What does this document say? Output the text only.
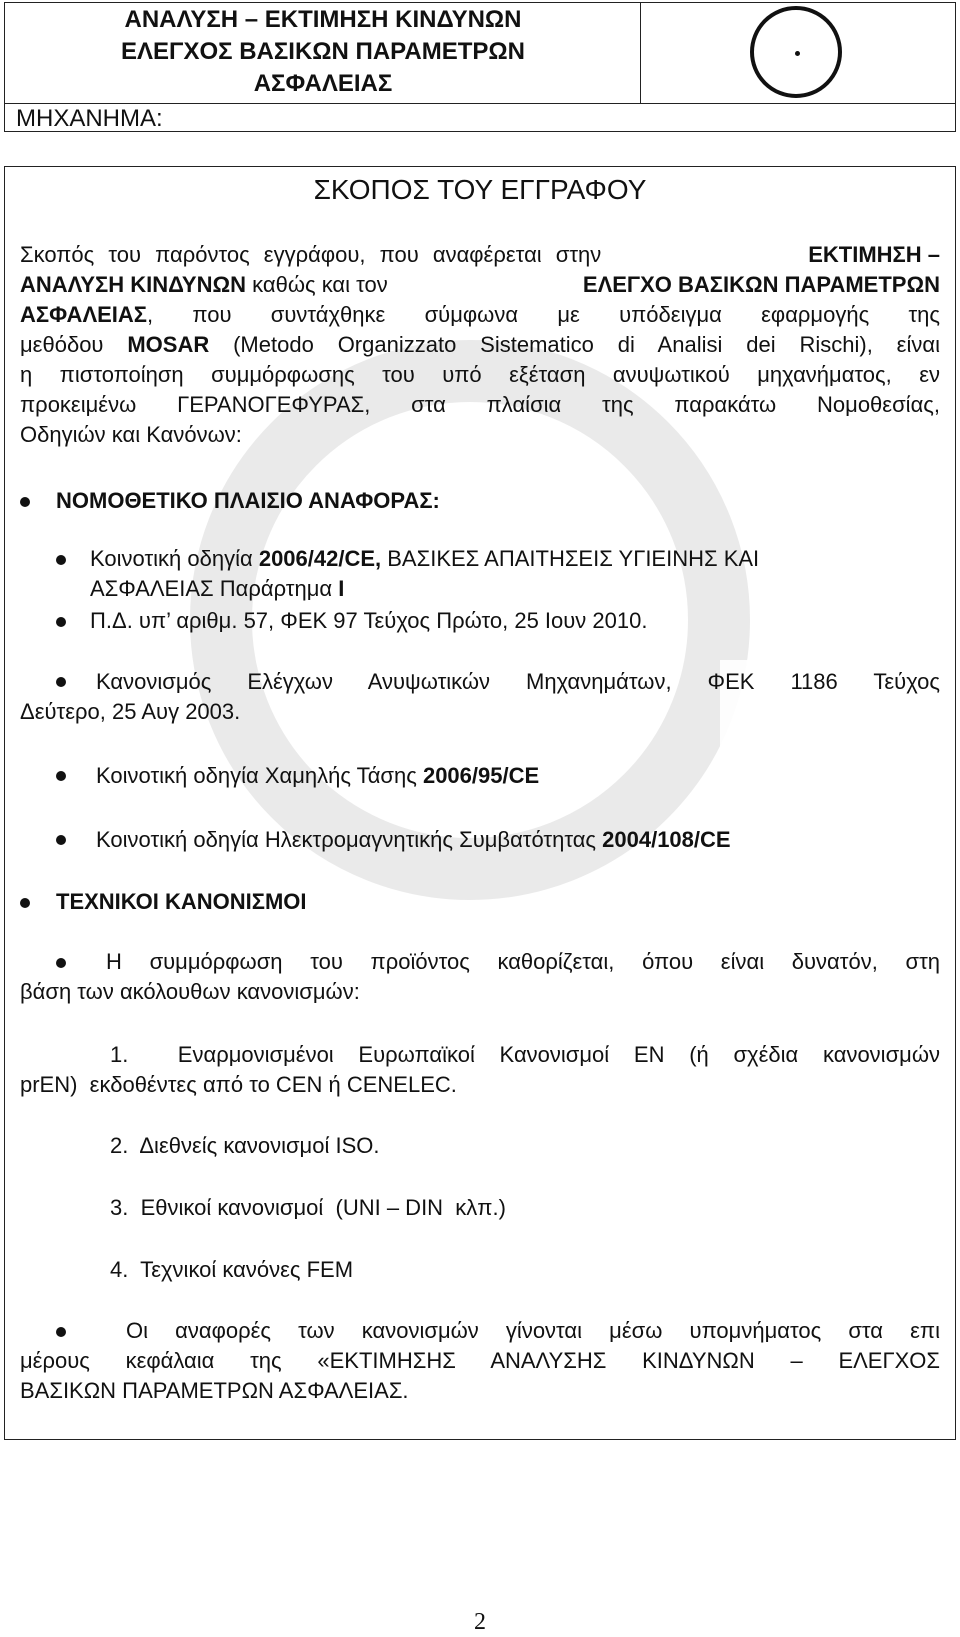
ΑΝΑΛΥΣΗ – ΕΚΤΙΜΗΣΗ ΚΙΝΔΥΝΩΝ
ΕΛΕΓΧΟΣ ΒΑΣΙΚΩΝ ΠΑΡΑΜΕΤΡΩΝ
ΑΣΦΑΛΕΙΑΣ
ΜΗΧΑΝΗΜΑ:
ΣΚΟΠΟΣ ΤΟΥ ΕΓΓΡΑΦΟΥ
Σκοπός του παρόντος εγγράφου, που αναφέρεται στην	ΕΚΤΙΜΗΣΗ –
ΑΝΑΛΥΣΗ ΚΙΝΔΥΝΩΝ καθώς και τον	ΕΛΕΓΧΟ ΒΑΣΙΚΩΝ ΠΑΡΑΜΕΤΡΩΝ
ΑΣΦΑΛΕΙΑΣ , που συντάχθηκε σύμφωνα με υπόδειγμα εφαρμογής της
μεθόδου MOSAR (Metodo Organizzato Sistematico di Analisi dei Rischi), είναι
η πιστοποίηση συμμόρφωσης του υπό εξέταση ανυψωτικού μηχανήματος, εν
προκειμένω ΓΕΡΑΝΟΓΕΦΥΡΑΣ, στα πλαίσια της παρακάτω Νομοθεσίας,
Οδηγιών και Κανόνων:
ΝΟΜΟΘΕΤΙΚΟ ΠΛΑΙΣΙΟ ΑΝΑΦΟΡΑΣ:
Κοινοτική οδηγία 2006/42/CE, ΒΑΣΙΚΕΣ ΑΠΑΙΤΗΣΕΙΣ ΥΓΙΕΙΝΗΣ ΚΑΙ
ΑΣΦΑΛΕΙΑΣ Παράρτημα I
Π.Δ. υπ’ αριθμ. 57, ΦΕΚ 97 Τεύχος Πρώτο, 25 Ιουν 2010.
Κανονισμός Ελέγχων Ανυψωτικών Μηχανημάτων, ΦΕΚ 1186 Τεύχος
Δεύτερο, 25 Αυγ 2003.
Κοινοτική οδηγία Χαμηλής Τάσης 2006/95/CE
Κοινοτική οδηγία Ηλεκτρομαγνητικής Συμβατότητας 2004/108/CE
ΤΕΧΝΙΚΟΙ ΚΑΝΟΝΙΣΜΟΙ
Η συμμόρφωση του προϊόντος καθορίζεται, όπου είναι δυνατόν, στη
βάση των ακόλουθων κανονισμών:
1.  Εναρμονισμένοι Ευρωπαϊκοί Κανονισμοί EN (ή σχέδια κανονισμών
prEN)  εκδοθέντες από το CEN ή CENELEC.
2.  Διεθνείς κανονισμοί ISO.
3.  Εθνικοί κανονισμοί  (UNI – DIN  κλπ.)
4.  Τεχνικοί κανόνες FEM
Οι αναφορές των κανονισμών γίνονται μέσω υπομνήματος στα επι
μέρους κεφάλαια της «ΕΚΤΙΜΗΣΗΣ ΑΝΑΛΥΣΗΣ ΚΙΝΔΥΝΩΝ – ΕΛΕΓΧΟΣ
ΒΑΣΙΚΩΝ ΠΑΡΑΜΕΤΡΩΝ ΑΣΦΑΛΕΙΑΣ.
2
